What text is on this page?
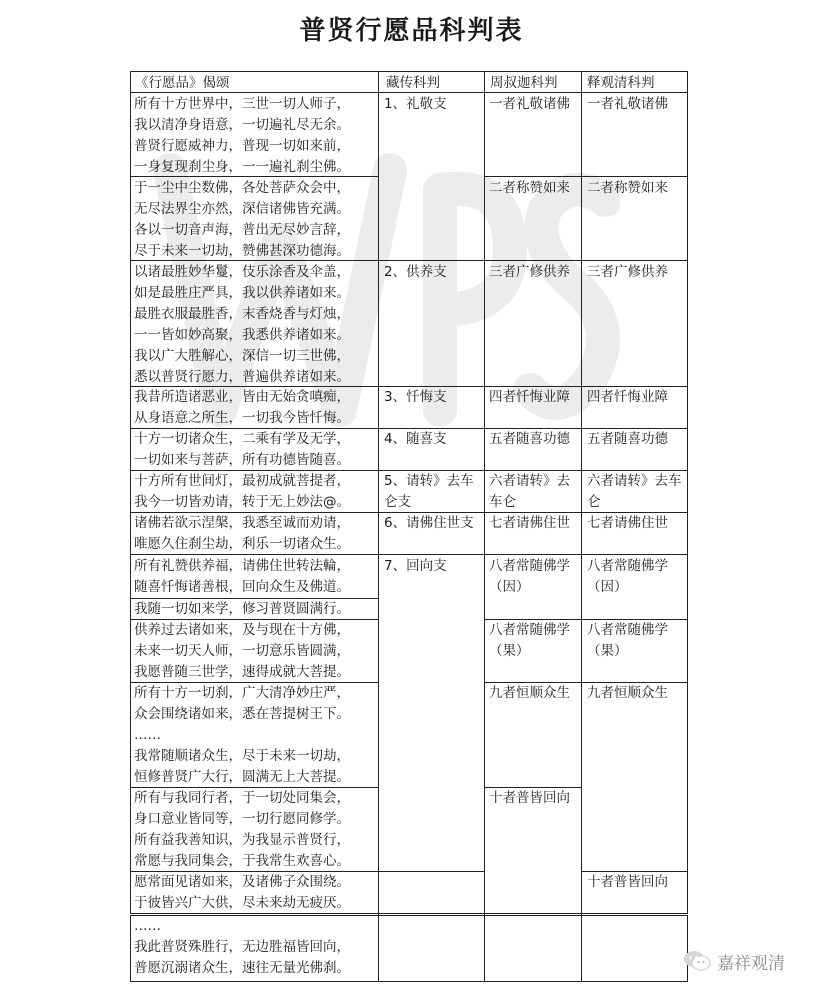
普贤行愿品科判表
《行愿品》偈颂	藏传科判	周叔迦科判 释观清科判
所有十方世界中，三世一切人师子，
我以清净身语意，一切遍礼尽无余。
普贤行愿威神力，普现一切如来前，
一身复现刹尘身，一一遍礼刹尘佛。
于一尘中尘数佛，各处菩萨众会中，
无尽法界尘亦然，深信诸佛皆充满。
各以一切音声海，普出无尽妙言辞，
尽于未来一切劫，赞佛甚深功德海。
以诸最胜妙华鬘，伎乐涂香及伞盖，
如是最胜庄严具，我以供养诸如来。
最胜衣服最胜香，末香烧香与灯烛，
一一皆如妙高聚，我悉供养诸如来。
我以广大胜解心，深信一切三世佛，
悉以普贤行愿力，普遍供养诸如来。
我昔所造诸恶业，皆由无始贪嗔痴，
从身语意之所生，一切我今皆忏悔。
十方一切诸众生，二乘有学及无学，
一切如来与菩萨，所有功德皆随喜。
十方所有世间灯，最初成就菩提者，
我今一切皆劝请，转于无上妙法@。
诸佛若欲示涅槃，我悉至诚而劝请，
唯愿久住刹尘劫，利乐一切诸众生。
所有礼赞供养福，请佛住世转法輪，
随喜忏悔诸善根，回向众生及佛道。
我随一切如来学，修习普贤圆满行。
供养过去诸如来，及与现在十方佛，
未来一切天人师，一切意乐皆圆满，
我愿普随三世学，速得成就大菩提。
所有十方一切刹，广大清净妙庄严，
众会围绕诸如来，悉在菩提树王下。
……
我常随顺诸众生，尽于未来一切劫，
恒修普贤广大行，圆满无上大菩提。
所有与我同行者，于一切处同集会，
身口意业皆同等，一切行愿同修学。
所有益我善知识，为我显示普贤行，
常愿与我同集会，于我常生欢喜心。
愿常面见诸如来，及诸佛子众围绕。
于彼皆兴广大供，尽未来劫无疲厌。
……
我此普贤殊胜行，无边胜福皆回向，
普愿沉溺诸众生，速往无量光佛刹。
1、礼敬支
2、供养支
3、忏悔支
4、随喜支
5、请转》去车仑支
6、请佛住世支
7、回向支
一者礼敬诸佛
二者称赞如来
三者广修供养
四者忏悔业障
五者随喜功德
六者请转》去车仑
七者请佛住世
八者常随佛学（因）
八者常随佛学（果）
九者恒顺众生
十者普皆回向
一者礼敬诸佛
二者称赞如来
三者广修供养
四者忏悔业障
五者随喜功德
六者请转》去车仑
七者请佛住世
八者常随佛学（因）
八者常随佛学（果）
九者恒顺众生
十者普皆回向
嘉祥观清
